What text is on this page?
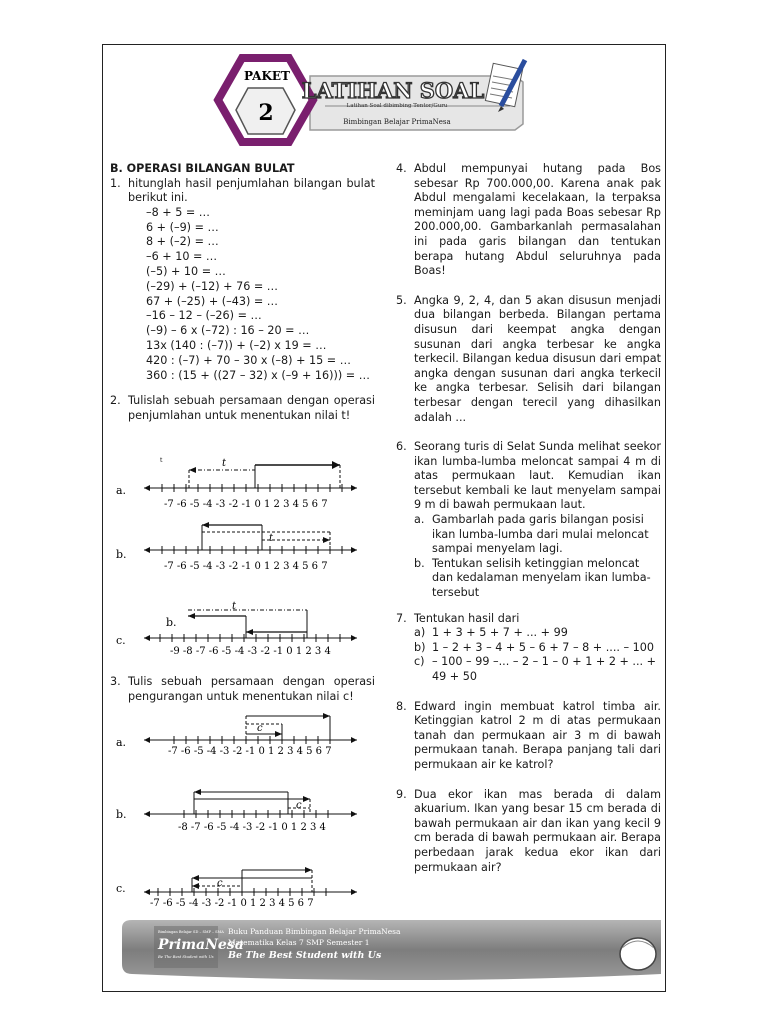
PAKET
2
LATIHAN SOAL
Latihan Soal dibimbing Tentor/Guru
Bimbingan Belajar PrimaNesa
B. OPERASI BILANGAN BULAT
1. hitunglah hasil penjumlahan bilangan bulat berikut ini.
–8 + 5 = …
6 + (–9) = …
8 + (–2) = …
–6 + 10 = …
(–5) + 10 = …
(–29) + (–12) + 76 = …
67 + (–25) + (–43) = …
–16 – 12 – (–26) = …
(–9) – 6 x (–72) : 16 – 20 = …
13x (140 : (–7)) + (–2) x 19 = …
420 : (–7) + 70 – 30 x (–8) + 15 = …
360 : (15 + ((27 – 32) x (–9 + 16))) = …
2. Tulislah sebuah persamaan dengan operasi penjumlahan untuk menentukan nilai t!
3. Tulis sebuah persamaan dengan operasi pengurangan untuk menentukan nilai c!
a.
t	t
-7 -6 -5 -4 -3 -2 -1 0 1 2 3 4 5 6 7
b.
t
-7 -6 -5 -4 -3 -2 -1 0 1 2 3 4 5 6 7
c.
b.
t
-9 -8 -7 -6 -5 -4 -3 -2 -1 0 1 2 3 4
a.
c
-7 -6 -5 -4 -3 -2 -1 0 1 2 3 4 5 6 7
b.
c
-8 -7 -6 -5 -4 -3 -2 -1 0 1 2 3 4
c.	c
-7 -6 -5 -4 -3 -2 -1 0 1 2 3 4 5 6 7
4. Abdul mempunyai hutang pada Bos sebesar Rp 700.000,00. Karena anak pak Abdul mengalami kecelakaan, Ia terpaksa meminjam uang lagi pada Boas sebesar Rp 200.000,00. Gambarkanlah permasalahan ini pada garis bilangan dan tentukan berapa hutang Abdul seluruhnya pada Boas!
5. Angka 9, 2, 4, dan 5 akan disusun menjadi dua bilangan berbeda. Bilangan pertama disusun dari keempat angka dengan susunan dari angka terbesar ke angka terkecil. Bilangan kedua disusun dari empat angka dengan susunan dari angka terkecil ke angka terbesar. Selisih dari bilangan terbesar dengan terecil yang dihasilkan adalah ...
6. Seorang turis di Selat Sunda melihat seekor ikan lumba-lumba meloncat sampai 4 m di atas permukaan laut. Kemudian ikan tersebut kembali ke laut menyelam sampai 9 m di bawah permukaan laut.
a. Gambarlah pada garis bilangan posisi ikan lumba-lumba dari mulai meloncat sampai menyelam lagi.
b. Tentukan selisih ketinggian meloncat dan kedalaman menyelam ikan lumba-tersebut
7. Tentukan hasil dari
a) 1 + 3 + 5 + 7 + ... + 99
b) 1 – 2 + 3 – 4 + 5 – 6 + 7 – 8 + .... – 100
c) – 100 – 99 –... – 2 – 1 – 0 + 1 + 2 + ... + 49 + 50
8. Edward ingin membuat katrol timba air. Ketinggian katrol 2 m di atas permukaan tanah dan permukaan air 3 m di bawah permukaan tanah. Berapa panjang tali dari permukaan air ke katrol?
9. Dua ekor ikan mas berada di dalam akuarium. Ikan yang besar 15 cm berada di bawah permukaan air dan ikan yang kecil 9 cm berada di bawah permukaan air. Berapa perbedaan jarak kedua ekor ikan dari permukaan air?
Bimbingan Belajar SD – SMP – SMA
PrimaNesa
Be The Best Student with Us
Buku Panduan Bimbingan Belajar PrimaNesa
Matematika Kelas 7 SMP Semester 1
Be The Best Student with Us
